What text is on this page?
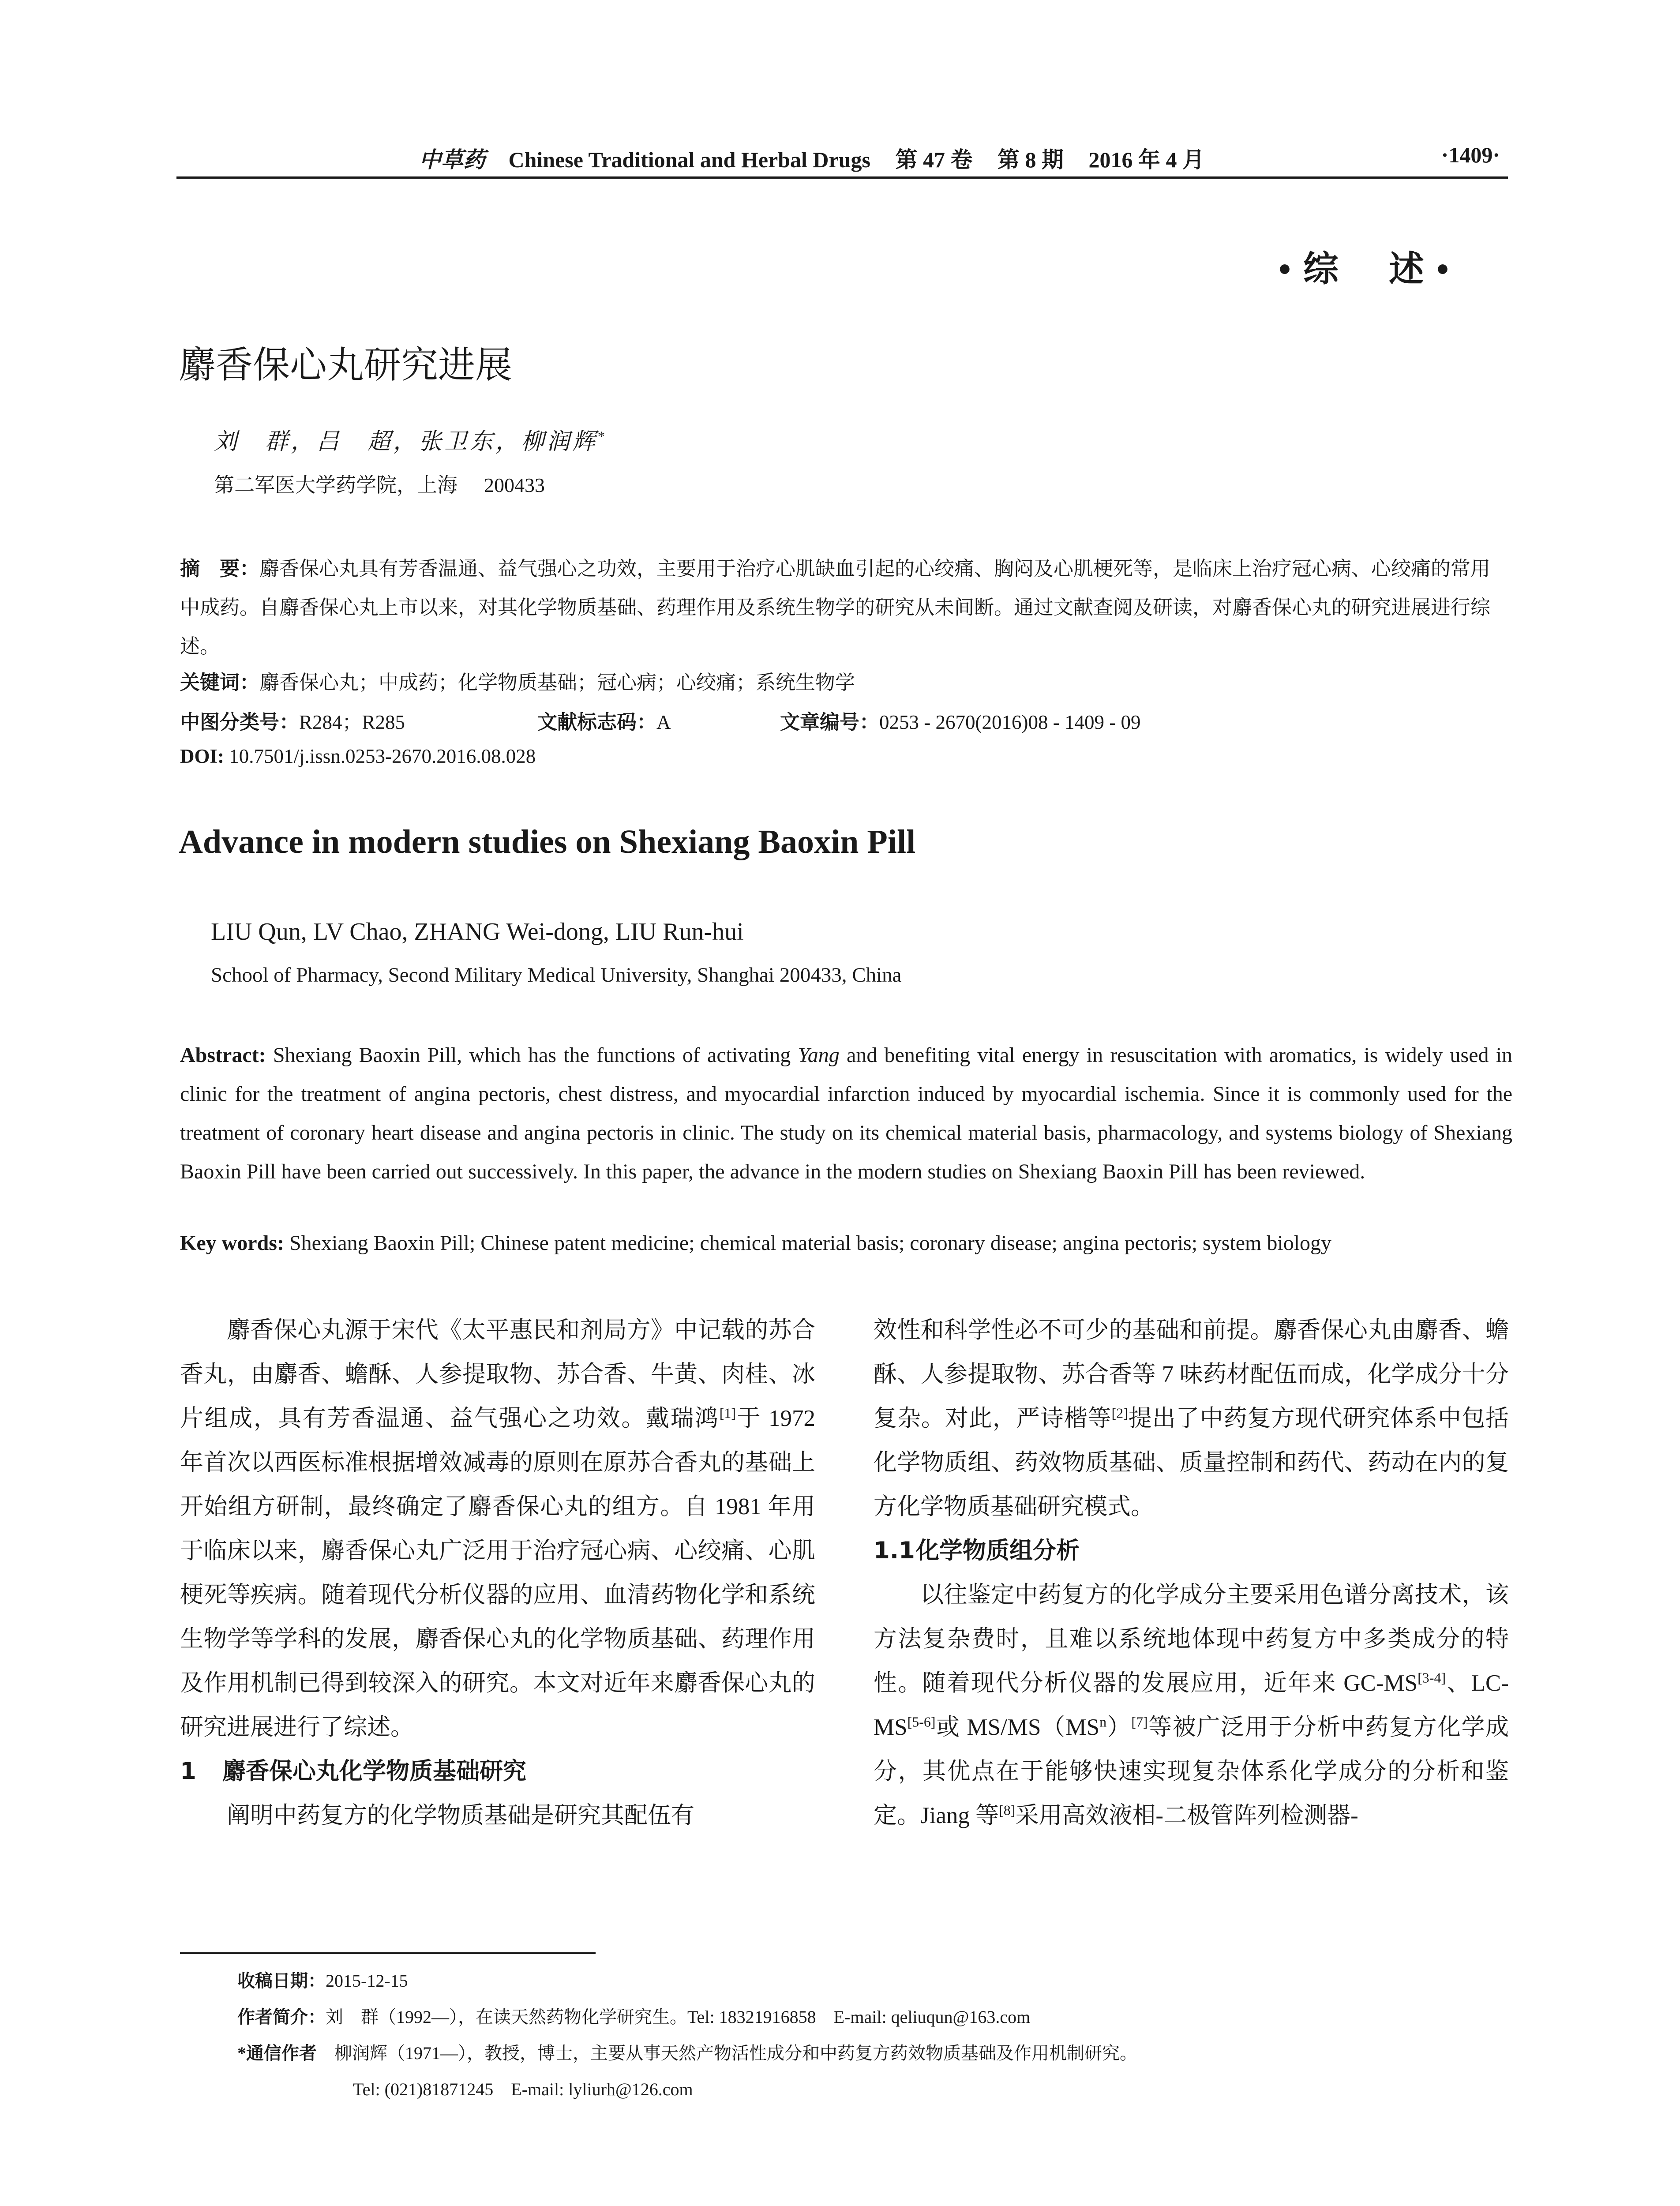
中草药 Chinese Traditional and Herbal Drugs 第 47 卷 第 8 期 2016 年 4 月	·1409·
• 综 述 •
麝香保心丸研究进展
刘　群，吕　超，张卫东，柳润辉*
第二军医大学药学院，上海 200433
摘　要：麝香保心丸具有芳香温通、益气强心之功效，主要用于治疗心肌缺血引起的心绞痛、胸闷及心肌梗死等，是临床上治疗冠心病、心绞痛的常用中成药。自麝香保心丸上市以来，对其化学物质基础、药理作用及系统生物学的研究从未间断。通过文献查阅及研读，对麝香保心丸的研究进展进行综述。
关键词：麝香保心丸；中成药；化学物质基础；冠心病；心绞痛；系统生物学
中图分类号：R284；R285	文献标志码：A	文章编号：0253 - 2670(2016)08 - 1409 - 09
DOI: 10.7501/j.issn.0253-2670.2016.08.028
Advance in modern studies on Shexiang Baoxin Pill
LIU Qun, LV Chao, ZHANG Wei-dong, LIU Run-hui
School of Pharmacy, Second Military Medical University, Shanghai 200433, China
Abstract: Shexiang Baoxin Pill, which has the functions of activating Yang and benefiting vital energy in resuscitation with aromatics, is widely used in clinic for the treatment of angina pectoris, chest distress, and myocardial infarction induced by myocardial ischemia. Since it is commonly used for the treatment of coronary heart disease and angina pectoris in clinic. The study on its chemical material basis, pharmacology, and systems biology of Shexiang Baoxin Pill have been carried out successively. In this paper, the advance in the modern studies on Shexiang Baoxin Pill has been reviewed.
Key words: Shexiang Baoxin Pill; Chinese patent medicine; chemical material basis; coronary disease; angina pectoris; system biology

麝香保心丸源于宋代《太平惠民和剂局方》中记载的苏合香丸，由麝香、蟾酥、人参提取物、苏合香、牛黄、肉桂、冰片组成，具有芳香温通、益气强心之功效。戴瑞鸿[1]于 1972 年首次以西医标准根据增效减毒的原则在原苏合香丸的基础上开始组方研制，最终确定了麝香保心丸的组方。自 1981 年用于临床以来，麝香保心丸广泛用于治疗冠心病、心绞痛、心肌梗死等疾病。随着现代分析仪器的应用、血清药物化学和系统生物学等学科的发展，麝香保心丸的化学物质基础、药理作用及作用机制已得到较深入的研究。本文对近年来麝香保心丸的研究进展进行了综述。

1 麝香保心丸化学物质基础研究

阐明中药复方的化学物质基础是研究其配伍有

效性和科学性必不可少的基础和前提。麝香保心丸由麝香、蟾酥、人参提取物、苏合香等 7 味药材配伍而成，化学成分十分复杂。对此，严诗楷等[2]提出了中药复方现代研究体系中包括化学物质组、药效物质基础、质量控制和药代、药动在内的复方化学物质基础研究模式。

1.1化学物质组分析

以往鉴定中药复方的化学成分主要采用色谱分离技术，该方法复杂费时，且难以系统地体现中药复方中多类成分的特性。随着现代分析仪器的发展应用，近年来 GC-MS[3-4]、LC-MS[5-6]或 $MS/MS(MS^n)[7]$等被广泛用于分析中药复方化学成分，其优点在于能够快速实现复杂体系化学成分的分析和鉴定。Jiang 等[8]采用高效液相-二极管阵列检测器-

收稿日期：2015-12-15
作者简介：刘　群（1992—），在读天然药物化学研究生。Tel: 18321916858　E-mail: qeliuqun@163.com
*通信作者　 柳润辉（1971—），教授，博士，主要从事天然产物活性成分和中药复方药效物质基础及作用机制研究。
Tel: (021)81871245　E-mail: lyliurh@126.com
